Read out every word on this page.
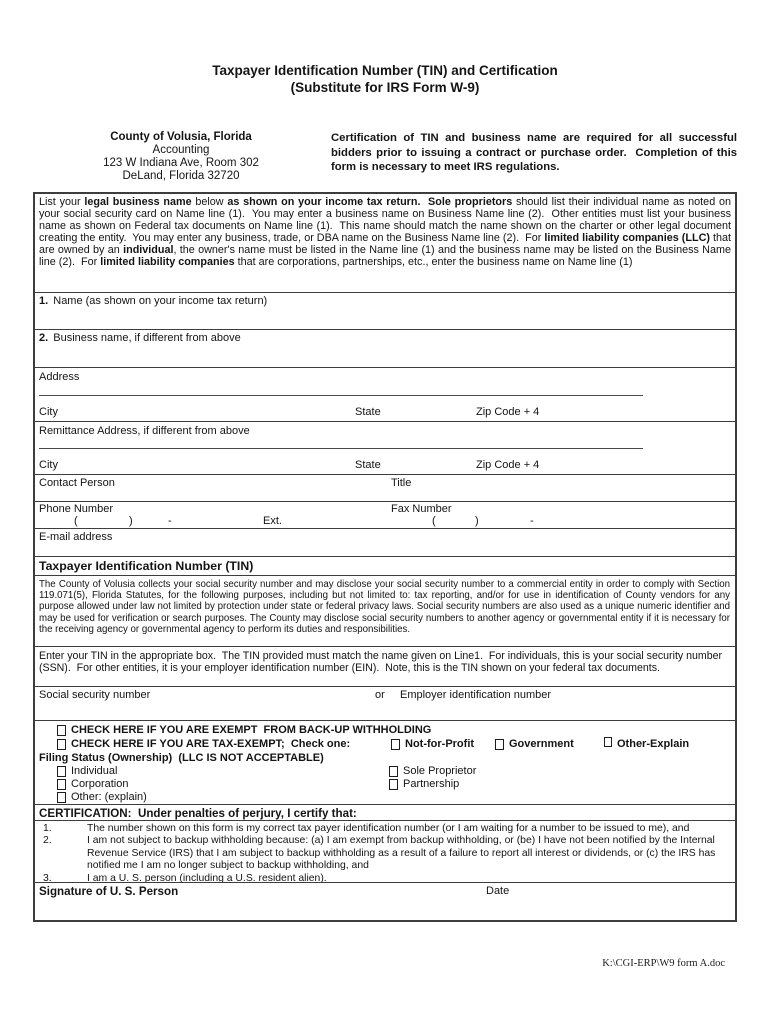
Taxpayer Identification Number (TIN) and Certification
(Substitute for IRS Form W-9)
County of Volusia, Florida
Accounting
123 W Indiana Ave, Room 302
DeLand, Florida 32720
Certification of TIN and business name are required for all successful bidders prior to issuing a contract or purchase order.  Completion of this form is necessary to meet IRS regulations.
List your legal business name below as shown on your income tax return.  Sole proprietors should list their individual name as noted on your social security card on Name line (1).  You may enter a business name on Business Name line (2).  Other entities must list your business name as shown on Federal tax documents on Name line (1).  This name should match the name shown on the charter or other legal document creating the entity.  You may enter any business, trade, or DBA name on the Business Name line (2).  For limited liability companies (LLC) that are owned by an individual, the owner's name must be listed in the Name line (1) and the business name may be listed on the Business Name line (2).  For limited liability companies that are corporations, partnerships, etc., enter the business name on Name line (1)
1. Name (as shown on your income tax return)
2. Business name, if different from above
Address
City	State	Zip Code + 4
Remittance Address, if different from above
City	State	Zip Code + 4
Contact Person	Title
Phone Number	Fax Number
(	)	-	Ext.	(	)	-
E-mail address
Taxpayer Identification Number (TIN)
The County of Volusia collects your social security number and may disclose your social security number to a commercial entity in order to comply with Section 119.071(5), Florida Statutes, for the following purposes, including but not limited to: tax reporting, and/or for use in identification of County vendors for any purpose allowed under law not limited by protection under state or federal privacy laws. Social security numbers are also used as a unique numeric identifier and may be used for verification or search purposes. The County may disclose social security numbers to another agency or governmental entity if it is necessary for the receiving agency or governmental agency to perform its duties and responsibilities.
Enter your TIN in the appropriate box.  The TIN provided must match the name given on Line1.  For individuals, this is your social security number (SSN).  For other entities, it is your employer identification number (EIN).  Note, this is the TIN shown on your federal tax documents.
Social security number	or Employer identification number
CHECK HERE IF YOU ARE EXEMPT  FROM BACK-UP WITHHOLDING
CHECK HERE IF YOU ARE TAX-EXEMPT;  Check one:	Not-for-Profit	Government	Other-Explain
Filing Status (Ownership)  (LLC IS NOT ACCEPTABLE)
Individual	Sole Proprietor
Corporation	Partnership
Other: (explain)
CERTIFICATION:  Under penalties of perjury, I certify that:
1.	The number shown on this form is my correct tax payer identification number (or I am waiting for a number to be issued to me), and
2.	I am not subject to backup withholding because: (a) I am exempt from backup withholding, or (be) I have not been notified by the Internal Revenue Service (IRS) that I am subject to backup withholding as a result of a failure to report all interest or dividends, or (c) the IRS has notified me I am no longer subject to backup withholding, and
3.	I am a U. S. person (including a U.S. resident alien).
Signature of U. S. Person	Date
K:\CGI-ERP\W9 form A.doc
